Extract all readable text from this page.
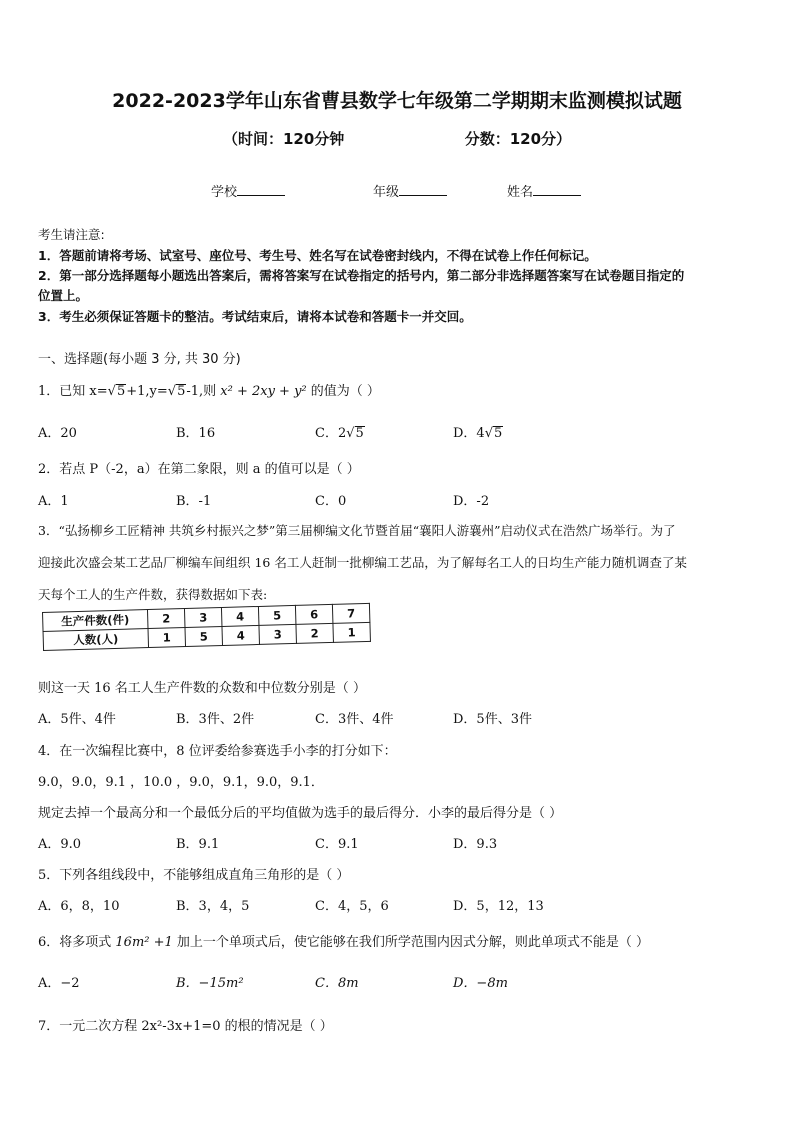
2022-2023学年山东省曹县数学七年级第二学期期末监测模拟试题
（时间：120分钟	分数：120分）
学校	年级	姓名
考生请注意:
1．答题前请将考场、试室号、座位号、考生号、姓名写在试卷密封线内，不得在试卷上作任何标记。
2．第一部分选择题每小题选出答案后，需将答案写在试卷指定的括号内，第二部分非选择题答案写在试卷题目指定的
位置上。
3．考生必须保证答题卡的整洁。考试结束后，请将本试卷和答题卡一并交回。
一、选择题(每小题 3 分, 共 30 分)
1．已知 x=√5+1,y=√5-1,则 x² + 2xy + y² 的值为（ ）
A．20	B．16	C．2√5	D．4√5
2．若点 P（-2，a）在第二象限，则 a 的值可以是（ ）
A．1	B．-1	C．0	D．-2
3．“弘扬柳乡工匠精神 共筑乡村振兴之梦”第三届柳编文化节暨首届“襄阳人游襄州”启动仪式在浩然广场举行。为了
迎接此次盛会某工艺品厂柳编车间组织 16 名工人赶制一批柳编工艺品，为了解每名工人的日均生产能力随机调查了某
天每个工人的生产件数，获得数据如下表:
生产件数(件)	2	3	4	5	6	7
人数(人)	1	5	4	3	2	1
则这一天 16 名工人生产件数的众数和中位数分别是（ ）
A．5件、4件	B．3件、2件	C．3件、4件	D．5件、3件
4．在一次编程比赛中，8 位评委给参赛选手小李的打分如下：
9.0，9.0，9.1 ，10.0 ，9.0，9.1，9.0，9.1．
规定去掉一个最高分和一个最低分后的平均值做为选手的最后得分．小李的最后得分是（ ）
A．9.0	B．9.1	C．9.1	D．9.3
5．下列各组线段中，不能够组成直角三角形的是（ ）
A．6，8，10	B．3，4，5	C．4，5，6	D．5，12，13
6．将多项式 16m² +1 加上一个单项式后，使它能够在我们所学范围内因式分解，则此单项式不能是（ ）
A．−2	B．−15m²	C．8m	D．−8m
7．一元二次方程 2x²-3x+1=0 的根的情况是（ ）
